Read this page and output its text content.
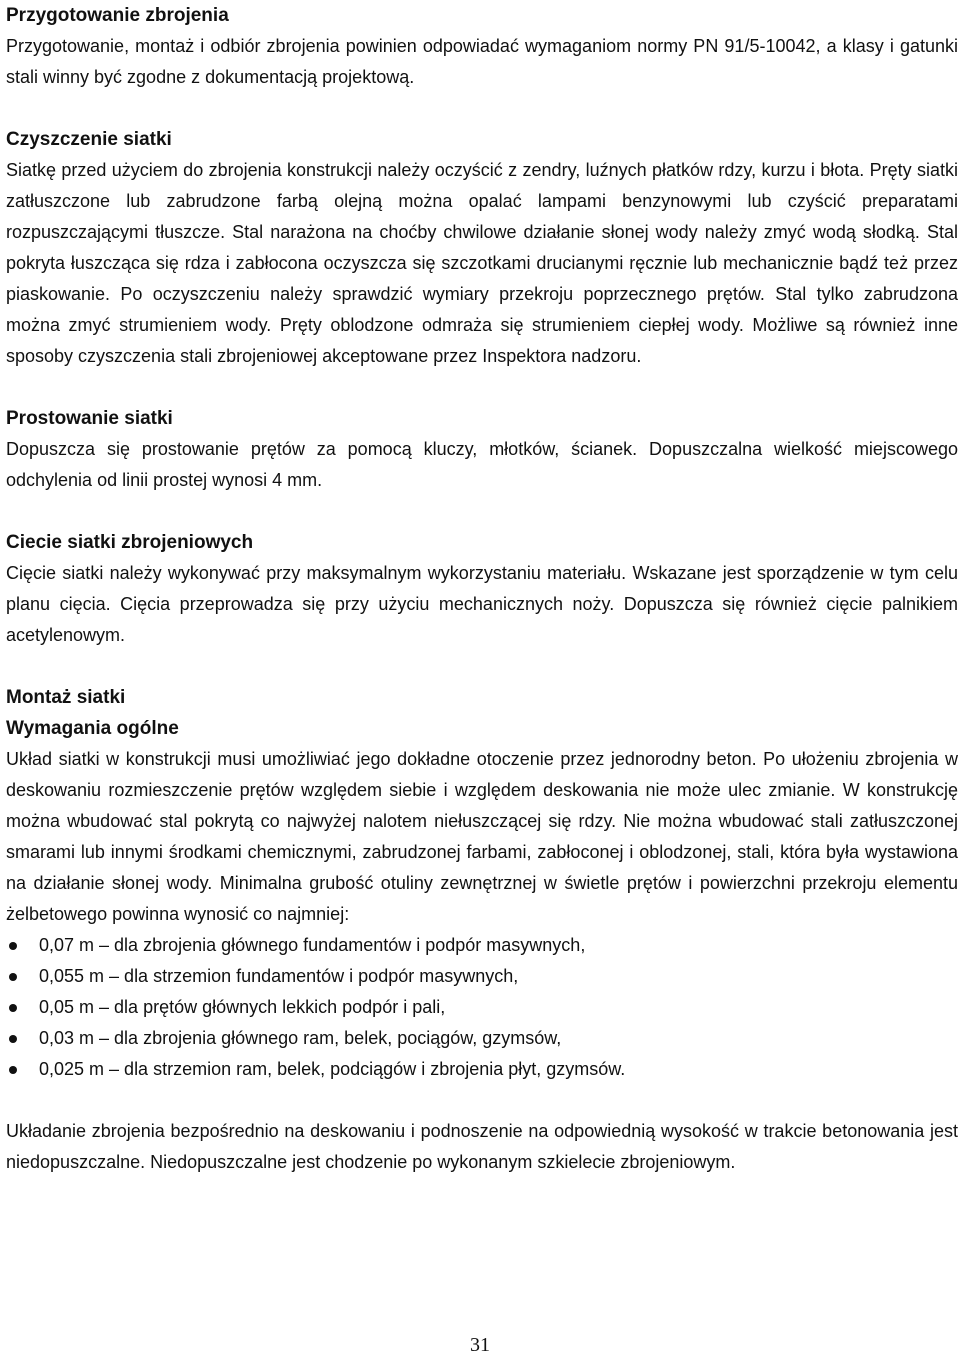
Przygotowanie zbrojenia

Przygotowanie, montaż i odbiór zbrojenia powinien odpowiadać wymaganiom normy PN 91/5-10042, a klasy i gatunki stali winny być zgodne z dokumentacją projektową.

Czyszczenie siatki

Siatkę przed użyciem do zbrojenia konstrukcji należy oczyścić z zendry, luźnych płatków rdzy, kurzu i błota. Pręty siatki zatłuszczone lub zabrudzone farbą olejną można opalać lampami benzynowymi lub czyścić preparatami rozpuszczającymi tłuszcze. Stal narażona na choćby chwilowe działanie słonej wody należy zmyć wodą słodką. Stal pokryta łuszcząca się rdza i zabłocona oczyszcza się szczotkami drucianymi ręcznie lub mechanicznie bądź też przez piaskowanie. Po oczyszczeniu należy sprawdzić wymiary przekroju poprzecznego prętów. Stal tylko zabrudzona można zmyć strumieniem wody. Pręty oblodzone odmraża się strumieniem ciepłej wody. Możliwe są również inne sposoby czyszczenia stali zbrojeniowej akceptowane przez Inspektora nadzoru.

Prostowanie siatki

Dopuszcza się prostowanie prętów za pomocą kluczy, młotków, ścianek. Dopuszczalna wielkość miejscowego odchylenia od linii prostej wynosi 4 mm.

Ciecie siatki zbrojeniowych

Cięcie siatki należy wykonywać przy maksymalnym wykorzystaniu materiału. Wskazane jest sporządzenie w tym celu planu cięcia. Cięcia przeprowadza się przy użyciu mechanicznych noży. Dopuszcza się również cięcie palnikiem acetylenowym.

Montaż siatki
Wymagania ogólne

Układ siatki w konstrukcji musi umożliwiać jego dokładne otoczenie przez jednorodny beton. Po ułożeniu zbrojenia w deskowaniu rozmieszczenie prętów względem siebie i względem deskowania nie może ulec zmianie. W konstrukcję można wbudować stal pokrytą co najwyżej nalotem niełuszczącej się rdzy. Nie można wbudować stali zatłuszczonej smarami lub innymi środkami chemicznymi, zabrudzonej farbami, zabłoconej i oblodzonej, stali, która była wystawiona na działanie słonej wody. Minimalna grubość otuliny zewnętrznej w świetle prętów i powierzchni przekroju elementu żelbetowego powinna wynosić co najmniej:

0,07 m – dla zbrojenia głównego fundamentów i podpór masywnych,
0,055 m – dla strzemion fundamentów i podpór masywnych,
0,05 m – dla prętów głównych lekkich podpór i pali,
0,03 m – dla zbrojenia głównego ram, belek, pociągów, gzymsów,
0,025 m – dla strzemion ram, belek, podciągów i zbrojenia płyt, gzymsów.

Układanie zbrojenia bezpośrednio na deskowaniu i podnoszenie na odpowiednią wysokość w trakcie betonowania jest niedopuszczalne. Niedopuszczalne jest chodzenie po wykonanym szkielecie zbrojeniowym.

31
